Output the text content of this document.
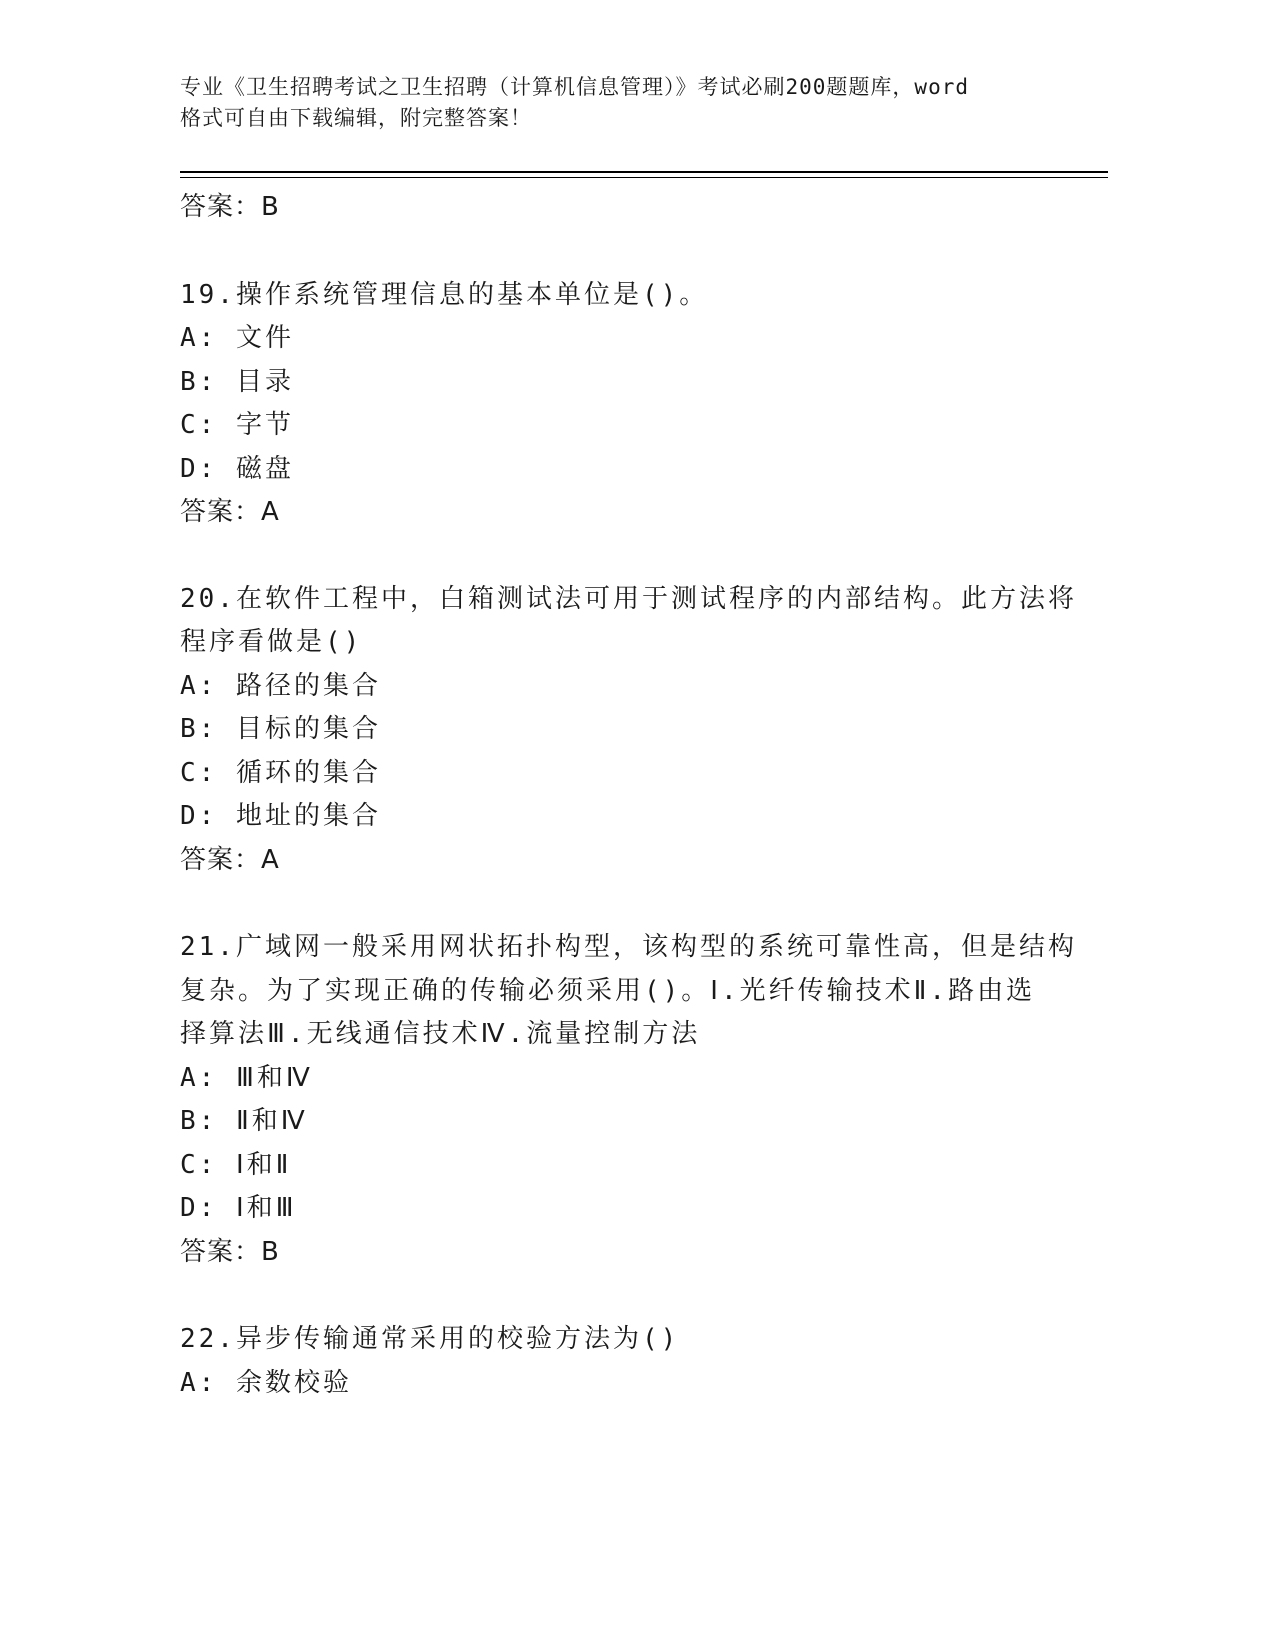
专业《卫生招聘考试之卫生招聘（计算机信息管理）》考试必刷200题题库，word
格式可自由下载编辑，附完整答案！
答案：B
19.操作系统管理信息的基本单位是()。
A: 文件
B: 目录
C: 字节
D: 磁盘
答案：A
20.在软件工程中，白箱测试法可用于测试程序的内部结构。此方法将
程序看做是()
A: 路径的集合
B: 目标的集合
C: 循环的集合
D: 地址的集合
答案：A
21.广域网一般采用网状拓扑构型，该构型的系统可靠性高，但是结构
复杂。为了实现正确的传输必须采用()。Ⅰ.光纤传输技术Ⅱ.路由选
择算法Ⅲ.无线通信技术Ⅳ.流量控制方法
A: Ⅲ和Ⅳ
B: Ⅱ和Ⅳ
C: Ⅰ和Ⅱ
D: Ⅰ和Ⅲ
答案：B
22.异步传输通常采用的校验方法为()
A: 余数校验
